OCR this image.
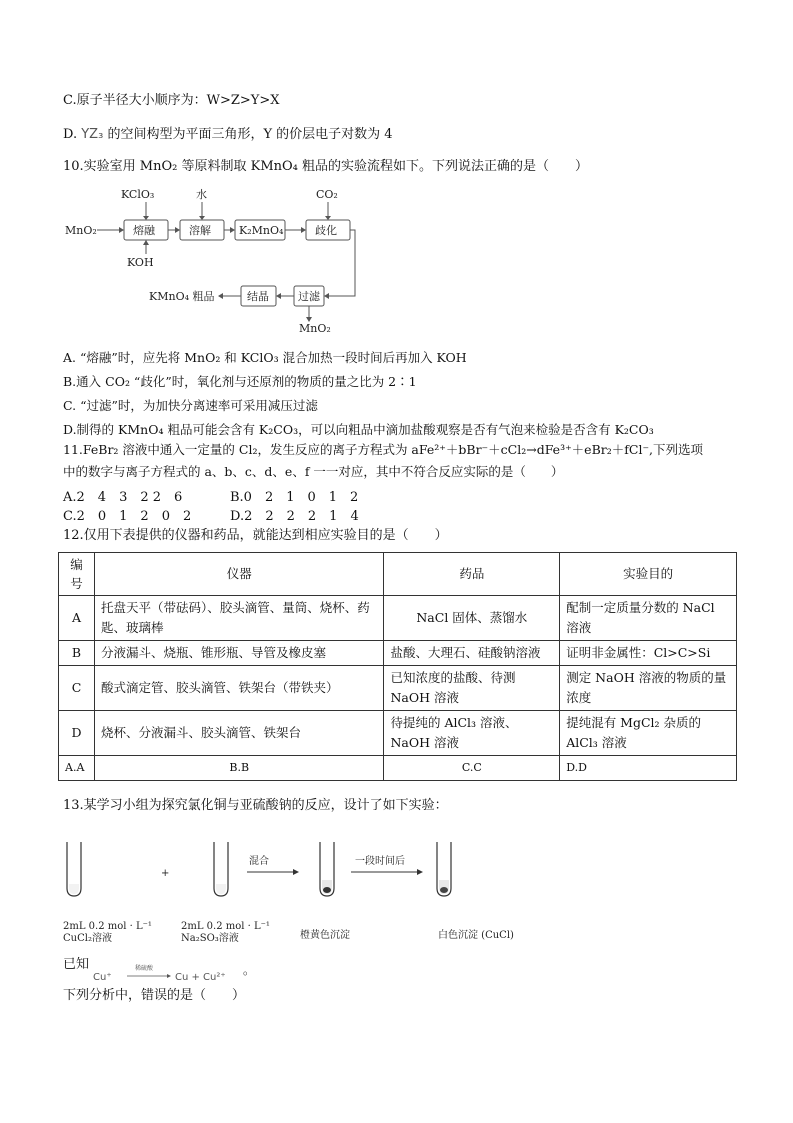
C.原子半径大小顺序为：W>Z>Y>X
D. YZ₃ 的空间构型为平面三角形，Y 的价层电子对数为 4
10.实验室用 MnO₂ 等原料制取 KMnO₄ 粗品的实验流程如下。下列说法正确的是（　　）
MnO₂	熔融
KClO₃
KOH
溶解
水
K₂MnO₄	歧化
CO₂
过滤
结晶
KMnO₄ 粗品
MnO₂
A. “熔融”时，应先将 MnO₂ 和 KClO₃ 混合加热一段时间后再加入 KOH
B.通入 CO₂ “歧化”时，氧化剂与还原剂的物质的量之比为 2∶1
C. “过滤”时，为加快分离速率可采用减压过滤
D.制得的 KMnO₄ 粗品可能会含有 K₂CO₃，可以向粗品中滴加盐酸观察是否有气泡来检验是否含有 K₂CO₃
11.FeBr₂ 溶液中通入一定量的 Cl₂，发生反应的离子方程式为 aFe²⁺＋bBr⁻＋cCl₂→dFe³⁺＋eBr₂＋fCl⁻,下列选项
中的数字与离子方程式的 a、b、c、d、e、f 一一对应，其中不符合反应实际的是（　　）
A.2　4　3　2 2　6	B.0　2　1　0　1　2
C.2　0　1　2　0　2	D.2　2　2　2　1　4
12.仅用下表提供的仪器和药品，就能达到相应实验目的是（　　）
编号	仪器	药品	实验目的
A	托盘天平（带砝码）、胶头滴管、量筒、烧杯、药匙、玻璃棒	NaCl 固体、蒸馏水	配制一定质量分数的 NaCl 溶液
B	分液漏斗、烧瓶、锥形瓶、导管及橡皮塞	盐酸、大理石、硅酸钠溶液	证明非金属性：Cl>C>Si
C	酸式滴定管、胶头滴管、铁架台（带铁夹）	已知浓度的盐酸、待测 NaOH 溶液	测定 NaOH 溶液的物质的量浓度
D	烧杯、分液漏斗、胶头滴管、铁架台	待提纯的 AlCl₃ 溶液、NaOH 溶液	提纯混有 MgCl₂ 杂质的 AlCl₃ 溶液
A.A	B.B	C.C	D.D
13.某学习小组为探究氯化铜与亚硫酸钠的反应，设计了如下实验：
+
混合	一段时间后
2mL 0.2 mol · L⁻¹
CuCl₂溶液
2mL 0.2 mol · L⁻¹
Na₂SO₃溶液	橙黄色沉淀	白色沉淀 (CuCl)
已知
Cu⁺
稀硫酸
Cu + Cu²⁺
。
下列分析中，错误的是（　　）
